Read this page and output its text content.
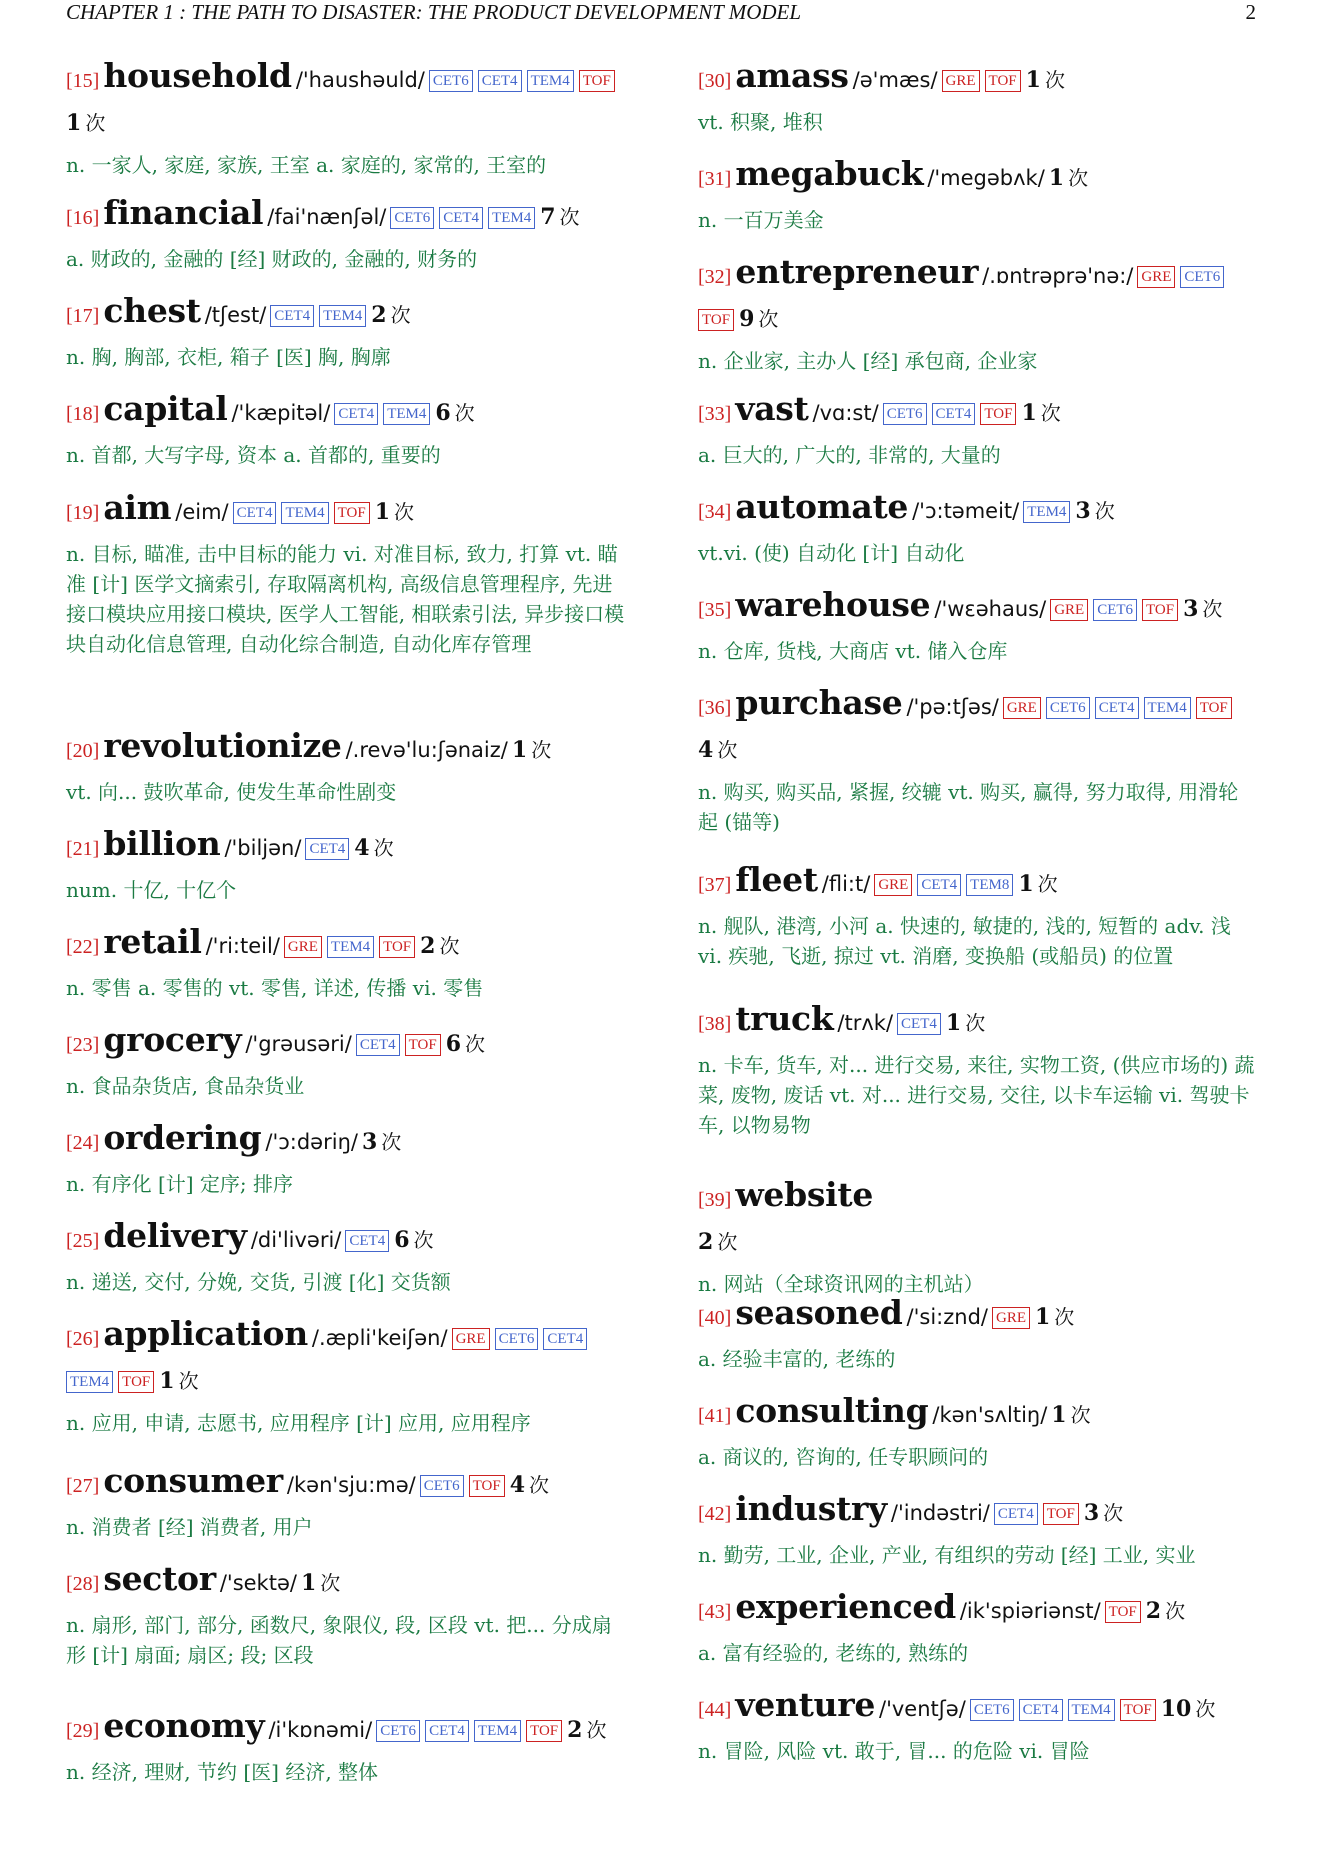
CHAPTER 1 : THE PATH TO DISASTER: THE PRODUCT DEVELOPMENT MODEL	2
[15] household /'haushəuld/ CET6 CET4 TEM4 TOF
1 次
n. 一家人, 家庭, 家族, 王室 a. 家庭的, 家常的, 王室的
[16] financial /fai'nænʃəl/ CET6 CET4 TEM4 7 次
a. 财政的, 金融的 [经] 财政的, 金融的, 财务的
[17] chest /tʃest/ CET4 TEM4 2 次
n. 胸, 胸部, 衣柜, 箱子 [医] 胸, 胸廓
[18] capital /'kæpitəl/ CET4 TEM4 6 次
n. 首都, 大写字母, 资本 a. 首都的, 重要的
[19] aim /eim/ CET4 TEM4 TOF 1 次
n. 目标, 瞄准, 击中目标的能力 vi. 对准目标, 致力, 打算 vt. 瞄准 [计] 医学文摘索引, 存取隔离机构, 高级信息管理程序, 先进接口模块应用接口模块, 医学人工智能, 相联索引法, 异步接口模块自动化信息管理, 自动化综合制造, 自动化库存管理
[20] revolutionize /.revə'lu:ʃənaiz/ 1 次
vt. 向... 鼓吹革命, 使发生革命性剧变
[21] billion /'biljən/ CET4 4 次
num. 十亿, 十亿个
[22] retail /'ri:teil/ GRE TEM4 TOF 2 次
n. 零售 a. 零售的 vt. 零售, 详述, 传播 vi. 零售
[23] grocery /'grəusəri/ CET4 TOF 6 次
n. 食品杂货店, 食品杂货业
[24] ordering /'ɔ:dəriŋ/ 3 次
n. 有序化 [计] 定序; 排序
[25] delivery /di'livəri/ CET4 6 次
n. 递送, 交付, 分娩, 交货, 引渡 [化] 交货额
[26] application /.æpli'keiʃən/ GRE CET6 CET4
TEM4 TOF 1 次
n. 应用, 申请, 志愿书, 应用程序 [计] 应用, 应用程序
[27] consumer /kən'sju:mə/ CET6 TOF 4 次
n. 消费者 [经] 消费者, 用户
[28] sector /'sektə/ 1 次
n. 扇形, 部门, 部分, 函数尺, 象限仪, 段, 区段 vt. 把... 分成扇形 [计] 扇面; 扇区; 段; 区段
[29] economy /i'kɒnəmi/ CET6 CET4 TEM4 TOF 2 次
n. 经济, 理财, 节约 [医] 经济, 整体
[30] amass /ə'mæs/ GRE TOF 1 次
vt. 积聚, 堆积
[31] megabuck /'megəbʌk/ 1 次
n. 一百万美金
[32] entrepreneur /.ɒntrəprə'nə:/ GRE CET6
TOF 9 次
n. 企业家, 主办人 [经] 承包商, 企业家
[33] vast /vɑ:st/ CET6 CET4 TOF 1 次
a. 巨大的, 广大的, 非常的, 大量的
[34] automate /'ɔ:təmeit/ TEM4 3 次
vt.vi. (使) 自动化 [计] 自动化
[35] warehouse /'wεəhaus/ GRE CET6 TOF 3 次
n. 仓库, 货栈, 大商店 vt. 储入仓库
[36] purchase /'pə:tʃəs/ GRE CET6 CET4 TEM4 TOF
4 次
n. 购买, 购买品, 紧握, 绞辘 vt. 购买, 赢得, 努力取得, 用滑轮起 (锚等)
[37] fleet /fli:t/ GRE CET4 TEM8 1 次
n. 舰队, 港湾, 小河 a. 快速的, 敏捷的, 浅的, 短暂的 adv. 浅 vi. 疾驰, 飞逝, 掠过 vt. 消磨, 变换船 (或船员) 的位置
[38] truck /trʌk/ CET4 1 次
n. 卡车, 货车, 对... 进行交易, 来往, 实物工资, (供应市场的) 蔬菜, 废物, 废话 vt. 对... 进行交易, 交往, 以卡车运输 vi. 驾驶卡车, 以物易物
[39] website
2 次
n. 网站（全球资讯网的主机站）
[40] seasoned /'si:znd/ GRE 1 次
a. 经验丰富的, 老练的
[41] consulting /kən'sʌltiŋ/ 1 次
a. 商议的, 咨询的, 任专职顾问的
[42] industry /'indəstri/ CET4 TOF 3 次
n. 勤劳, 工业, 企业, 产业, 有组织的劳动 [经] 工业, 实业
[43] experienced /ik'spiəriənst/ TOF 2 次
a. 富有经验的, 老练的, 熟练的
[44] venture /'ventʃə/ CET6 CET4 TEM4 TOF 10 次
n. 冒险, 风险 vt. 敢于, 冒... 的危险 vi. 冒险
